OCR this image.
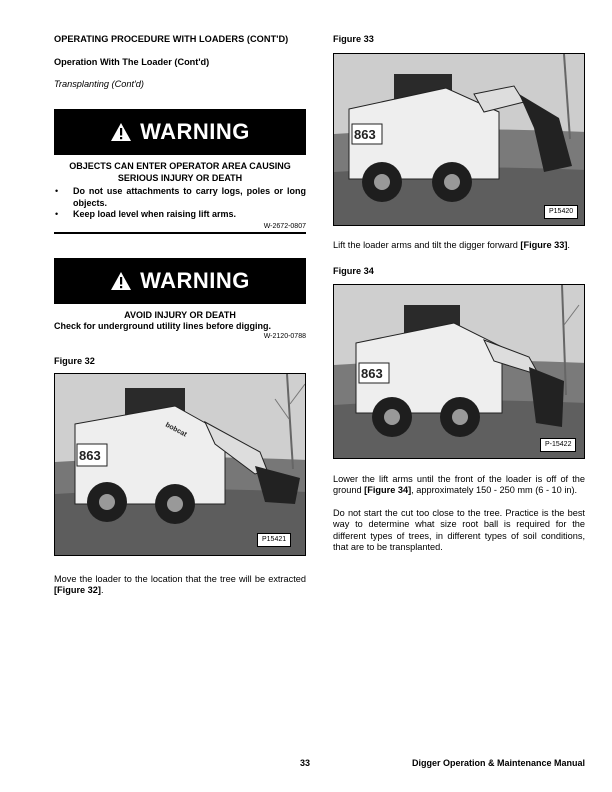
OPERATING PROCEDURE WITH LOADERS (CONT'D)
Operation With The Loader (Cont'd)
Transplanting (Cont'd)
WARNING
OBJECTS CAN ENTER OPERATOR AREA CAUSING SERIOUS INJURY OR DEATH
• Do not use attachments to carry logs, poles or long objects.
• Keep load level when raising lift arms.
W-2672-0807
WARNING
AVOID INJURY OR DEATH
Check for underground utility lines before digging.
W-2120-0788
Figure 32
863
bobcat
P15421
Move the loader to the location that the tree will be extracted [Figure 32].
Figure 33
863
P15420
Lift the loader arms and tilt the digger forward [Figure 33].
Figure 34
863
P-15422
Lower the lift arms until the front of the loader is off of the ground [Figure 34], approximately 150 - 250 mm (6 - 10 in).
Do not start the cut too close to the tree. Practice is the best way to determine what size root ball is required for the different types of trees, in different types of soil conditions, that are to be transplanted.
33	Digger Operation & Maintenance Manual
